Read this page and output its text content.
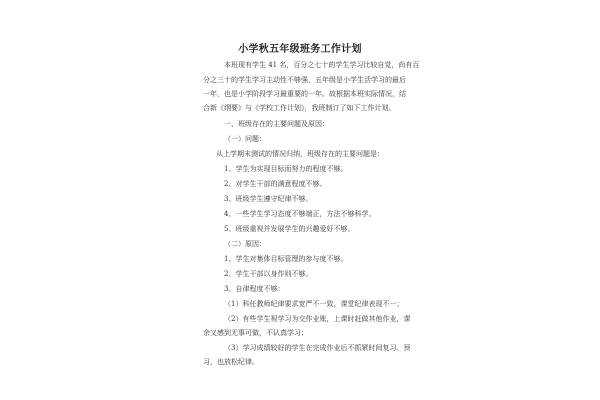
小学秋五年级班务工作计划
本班现有学生 41 名，百分之七十的学生学习比较自觉，尚有百
分之三十的学生学习主动性不够强，五年级是小学生活学习的最后
一年，也是小学阶段学习最重要的一年。故根据本班实际情况，结
合新《纲要》与《学校工作计划》，我班制订了如下工作计划。
一、班级存在的主要问题及原因：
（一）问题：
从上学期末测试的情况归纳，班级存在的主要问题是：
1、学生为实现目标而努力的程度不够。
2、对学生干部的满意程度不够。
3、班级学生遵守纪律不够。
4、一些学生学习态度不够端正，方法不够科学。
5、班级重视并发展学生的兴趣爱好不够。
（二）原因：
1、学生对集体目标管理的参与度不够。
2、学生干部以身作则不够。
3、自律程度不够：
（1）科任教师纪律要求宽严不一致，课堂纪律表现不一；
（2）有些学生视学习为交作业账，上课时赶做其他作业，课
余又感到无事可做，不认真学习；
（3）学习成绩较好的学生在完成作业后不抓紧时间复习、预
习，也放松纪律。
